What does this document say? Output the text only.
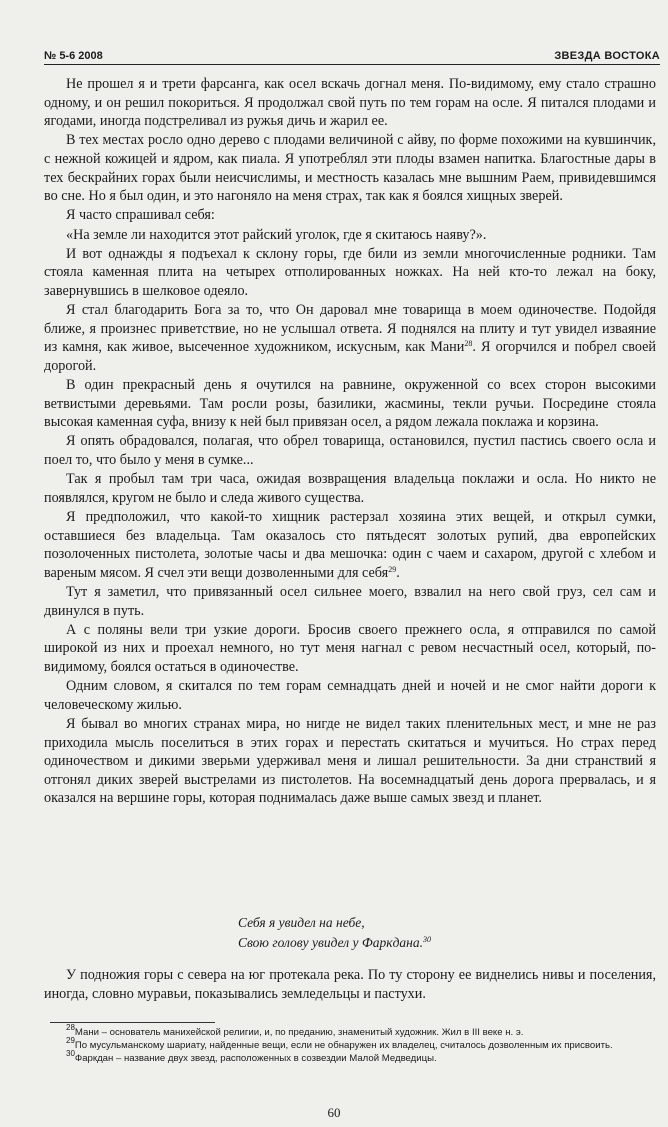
№ 5-6 2008	ЗВЕЗДА ВОСТОКА

Не прошел я и трети фарсанга, как осел вскачь догнал меня. По-видимому, ему стало страшно одному, и он решил покориться. Я продолжал свой путь по тем горам на осле. Я питался плодами и ягодами, иногда подстреливал из ружья дичь и жарил ее.

В тех местах росло одно дерево с плодами величиной с айву, по форме похожими на кувшинчик, с нежной кожицей и ядром, как пиала. Я употреблял эти плоды взамен напитка. Благостные дары в тех бескрайних горах были неисчислимы, и местность казалась мне вышним Раем, привидевшимся во сне. Но я был один, и это нагоняло на меня страх, так как я боялся хищных зверей.

Я часто спрашивал себя:

«На земле ли находится этот райский уголок, где я скитаюсь наяву?».

И вот однажды я подъехал к склону горы, где били из земли многочисленные родники. Там стояла каменная плита на четырех отполированных ножках. На ней кто-то лежал на боку, завернувшись в шелковое одеяло.

Я стал благодарить Бога за то, что Он даровал мне товарища в моем одиночестве. Подойдя ближе, я произнес приветствие, но не услышал ответа. Я поднялся на плиту и тут увидел изваяние из камня, как живое, высеченное художником, искусным, как Мани$^{28}$. Я огорчился и побрел своей дорогой.

В один прекрасный день я очутился на равнине, окруженной со всех сторон высокими ветвистыми деревьями. Там росли розы, базилики, жасмины, текли ручьи. Посредине стояла высокая каменная суфа, внизу к ней был привязан осел, а рядом лежала поклажа и корзина.

Я опять обрадовался, полагая, что обрел товарища, остановился, пустил пастись своего осла и поел то, что было у меня в сумке...

Так я пробыл там три часа, ожидая возвращения владельца поклажи и осла. Но никто не появлялся, кругом не было и следа живого существа.

Я предположил, что какой-то хищник растерзал хозяина этих вещей, и открыл сумки, оставшиеся без владельца. Там оказалось сто пятьдесят золотых рупий, два европейских позолоченных пистолета, золотые часы и два мешочка: один с чаем и сахаром, другой с хлебом и вареным мясом. Я счел эти вещи дозволенными для себя$^{29}$.

Тут я заметил, что привязанный осел сильнее моего, взвалил на него свой груз, сел сам и двинулся в путь.

А с поляны вели три узкие дороги. Бросив своего прежнего осла, я отправился по самой широкой из них и проехал немного, но тут меня нагнал с ревом несчастный осел, который, по-видимому, боялся остаться в одиночестве.

Одним словом, я скитался по тем горам семнадцать дней и ночей и не смог найти дороги к человеческому жилью.

Я бывал во многих странах мира, но нигде не видел таких пленительных мест, и мне не раз приходила мысль поселиться в этих горах и перестать скитаться и мучиться. Но страх перед одиночеством и дикими зверьми удерживал меня и лишал решительности. За дни странствий я отгонял диких зверей выстрелами из пистолетов. На восемнадцатый день дорога прервалась, и я оказался на вершине горы, которая поднималась даже выше самых звезд и планет.

Себя я увидел на небе,
Свою голову увидел у Фаркдана.$^{30}$

У подножия горы с севера на юг протекала река. По ту сторону ее виднелись нивы и поселения, иногда, словно муравьи, показывались земледельцы и пастухи.

$^{28}$Мани – основатель манихейской религии, и, по преданию, знаменитый художник. Жил в III веке н. э.

$^{29}$По мусульманскому шариату, найденные вещи, если не обнаружен их владелец, считалось дозволенным их присвоить.

$^{30}$Фаркдан – название двух звезд, расположенных в созвездии Малой Медведицы.

60
